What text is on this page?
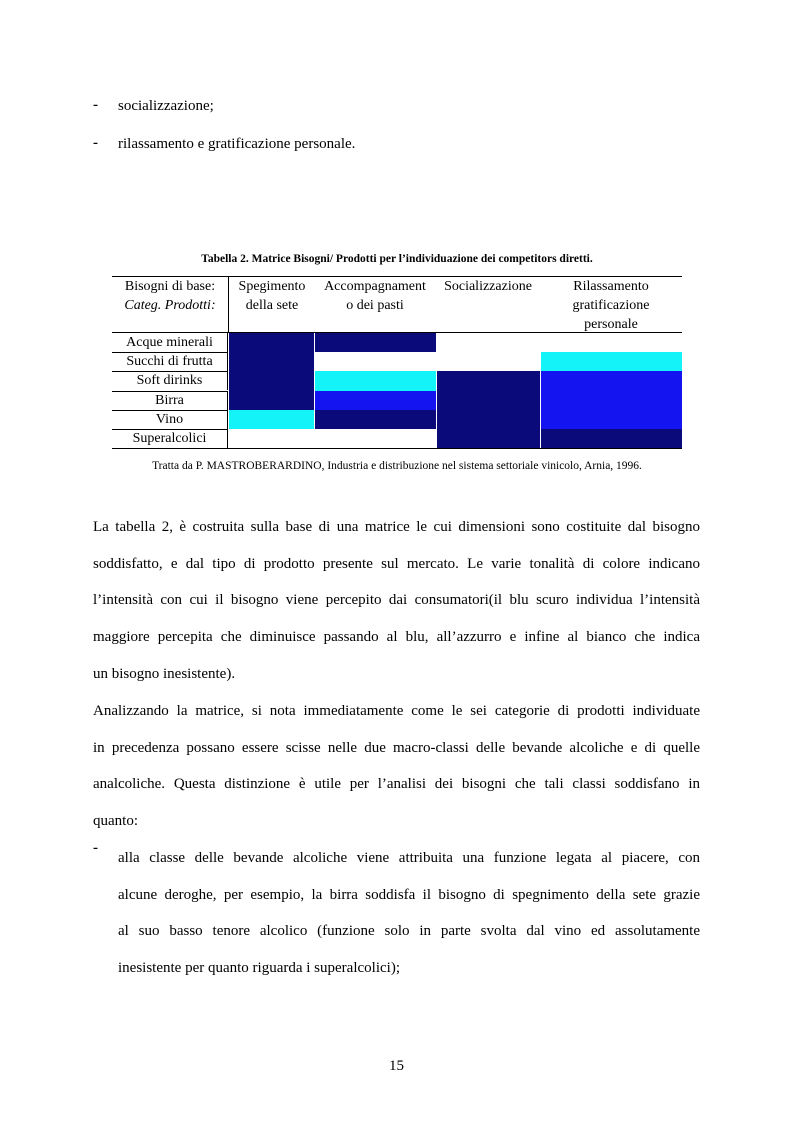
- socializzazione;
- rilassamento e gratificazione personale.
Tabella 2. Matrice Bisogni/ Prodotti per l’individuazione dei competitors diretti.
Bisogni di base:
Categ. Prodotti:
Spegimento
della sete
Accompagnament
o dei pasti
Socializzazione	Rilassamento
gratificazione
personale
Acque minerali
Succhi di frutta
Soft dirinks
Birra
Vino
Superalcolici
Tratta da P. MASTROBERARDINO, Industria e distribuzione nel sistema settoriale vinicolo, Arnia, 1996.

La tabella 2, è costruita sulla base di una matrice le cui dimensioni sono costituite dal bisogno

soddisfatto, e dal tipo di prodotto presente sul mercato. Le varie tonalità di colore indicano

l’intensità con cui il bisogno viene percepito dai consumatori(il blu scuro individua l’intensità

maggiore percepita che diminuisce passando al blu, all’azzurro e infine al bianco che indica

un bisogno inesistente).

Analizzando la matrice, si nota immediatamente come le sei categorie di prodotti individuate

in precedenza possano essere scisse nelle due macro-classi delle bevande alcoliche e di quelle

analcoliche. Questa distinzione è utile per l’analisi dei bisogni che tali classi soddisfano in

quanto:

-

alla classe delle bevande alcoliche viene attribuita una funzione legata al piacere, con

alcune deroghe, per esempio, la birra soddisfa il bisogno di spegnimento della sete grazie

al suo basso tenore alcolico (funzione solo in parte svolta dal vino ed assolutamente

inesistente per quanto riguarda i superalcolici);

15
